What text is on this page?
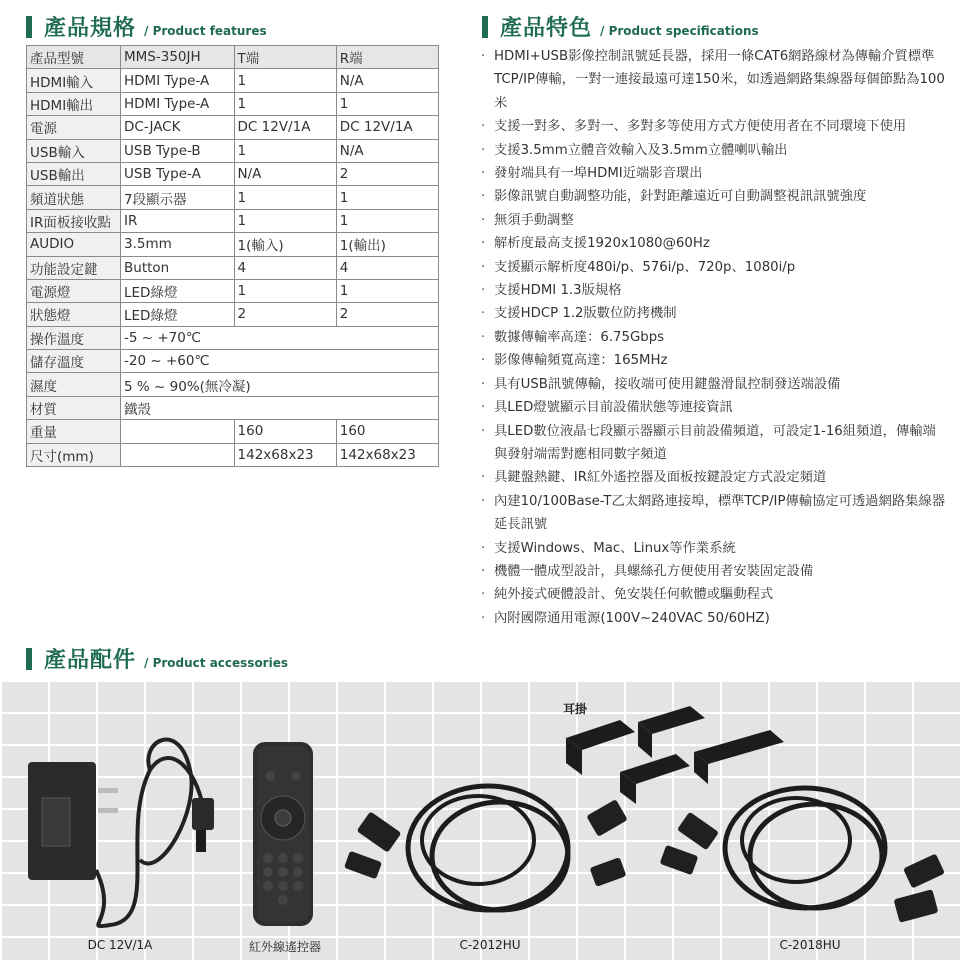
產品規格 / Product features
產品型號	MMS-350JH	T端	R端
HDMI輸入	HDMI Type-A	1	N/A
HDMI輸出	HDMI Type-A	1	1
電源	DC-JACK	DC 12V/1A	DC 12V/1A
USB輸入	USB Type-B	1	N/A
USB輸出	USB Type-A	N/A	2
頻道狀態	7段顯示器	1	1
IR面板接收點	IR	1	1
AUDIO	3.5mm	1(輸入)	1(輸出)
功能設定鍵	Button	4	4
電源燈	LED綠燈	1	1
狀態燈	LED綠燈	2	2
操作溫度	-5 ~ +70℃		
儲存溫度	-20 ~ +60℃		
濕度	5 % ~ 90%(無冷凝)		
材質	鐵殼		
重量		160	160
尺寸(mm)		142x68x23	142x68x23
產品特色 / Product specifications
· HDMI+USB影像控制訊號延長器，採用一條CAT6網路線材為傳輸介質標準TCP/IP傳輸，一對一連接最遠可達150米，如透過網路集線器每個節點為100米
· 支援一對多、多對一、多對多等使用方式方便使用者在不同環境下使用
· 支援3.5mm立體音效輸入及3.5mm立體喇叭輸出
· 發射端具有一埠HDMI近端影音環出
· 影像訊號自動調整功能，針對距離遠近可自動調整視訊訊號強度
· 無須手動調整
· 解析度最高支援1920x1080@60Hz
· 支援顯示解析度480i/p、576i/p、720p、1080i/p
· 支援HDMI 1.3版規格
· 支援HDCP 1.2版數位防拷機制
· 數據傳輸率高達：6.75Gbps
· 影像傳輸頻寬高達：165MHz
· 具有USB訊號傳輸，接收端可使用鍵盤滑鼠控制發送端設備
· 具LED燈號顯示目前設備狀態等連接資訊
· 具LED數位液晶七段顯示器顯示目前設備頻道，可設定1-16組頻道，傳輸端與發射端需對應相同數字頻道
· 具鍵盤熱鍵、IR紅外遙控器及面板按鍵設定方式設定頻道
· 內建10/100Base-T乙太網路連接埠，標準TCP/IP傳輸協定可透過網路集線器延長訊號
· 支援Windows、Mac、Linux等作業系統
· 機體一體成型設計，具螺絲孔方便使用者安裝固定設備
· 純外接式硬體設計、免安裝任何軟體或驅動程式
· 內附國際通用電源(100V~240VAC 50/60HZ)
產品配件 / Product accessories
耳掛
DC 12V/1A	紅外線遙控器	C-2012HU	C-2018HU
